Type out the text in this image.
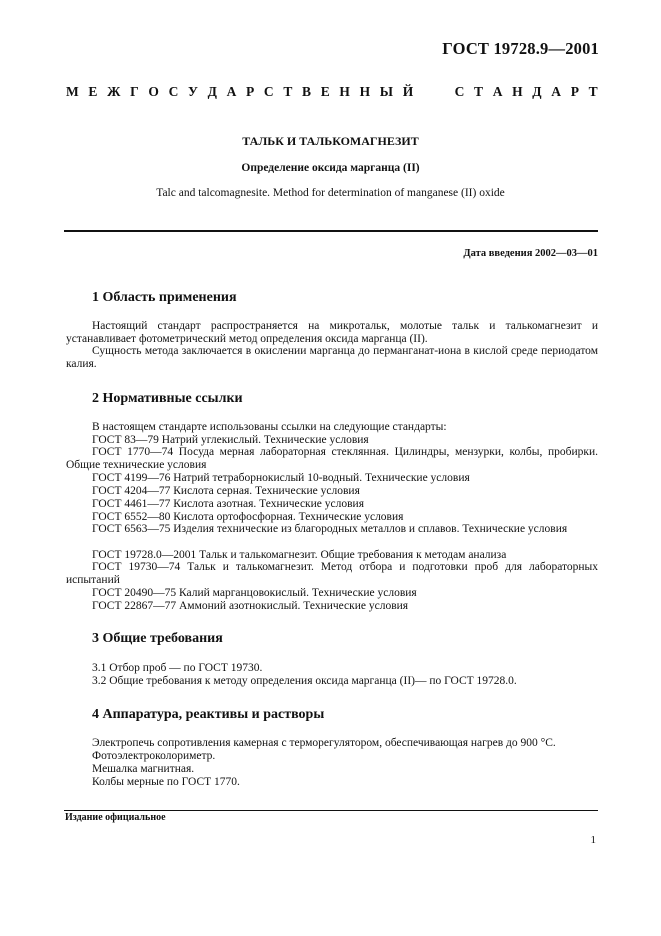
ГОСТ 19728.9—2001
М Е Ж Г О С У Д А Р С Т В Е Н Н Ы Й	С Т А Н Д А Р Т
ТАЛЬК И ТАЛЬКОМАГНЕЗИТ
Определение оксида марганца (II)
Talc and talcomagnesite. Method for determination of manganese (II) oxide
Дата введения 2002—03—01
1 Область применения
Настоящий стандарт распространяется на микротальк, молотые тальк и талькомагнезит и устанавливает фотометрический метод определения оксида марганца (II).
Сущность метода заключается в окислении марганца до перманганат-иона в кислой среде периодатом калия.
2 Нормативные ссылки
В настоящем стандарте использованы ссылки на следующие стандарты:
ГОСТ 83—79 Натрий углекислый. Технические условия
ГОСТ 1770—74 Посуда мерная лабораторная стеклянная. Цилиндры, мензурки, колбы, пробирки. Общие технические условия
ГОСТ 4199—76 Натрий тетраборнокислый 10-водный. Технические условия
ГОСТ 4204—77 Кислота серная. Технические условия
ГОСТ 4461—77 Кислота азотная. Технические условия
ГОСТ 6552—80 Кислота ортофосфорная. Технические условия
ГОСТ 6563—75 Изделия технические из благородных металлов и сплавов. Технические условия
ГОСТ 19728.0—2001 Тальк и талькомагнезит. Общие требования к методам анализа
ГОСТ 19730—74 Тальк и талькомагнезит. Метод отбора и подготовки проб для лабораторных испытаний
ГОСТ 20490—75 Калий марганцовокислый. Технические условия
ГОСТ 22867—77 Аммоний азотнокислый. Технические условия
3 Общие требования
3.1 Отбор проб — по ГОСТ 19730.
3.2 Общие требования к методу определения оксида марганца (II)— по ГОСТ 19728.0.
4 Аппаратура, реактивы и растворы
Электропечь сопротивления камерная с терморегулятором, обеспечивающая нагрев до 900 °С.
Фотоэлектроколориметр.
Мешалка магнитная.
Колбы мерные по ГОСТ 1770.
Издание официальное
1
